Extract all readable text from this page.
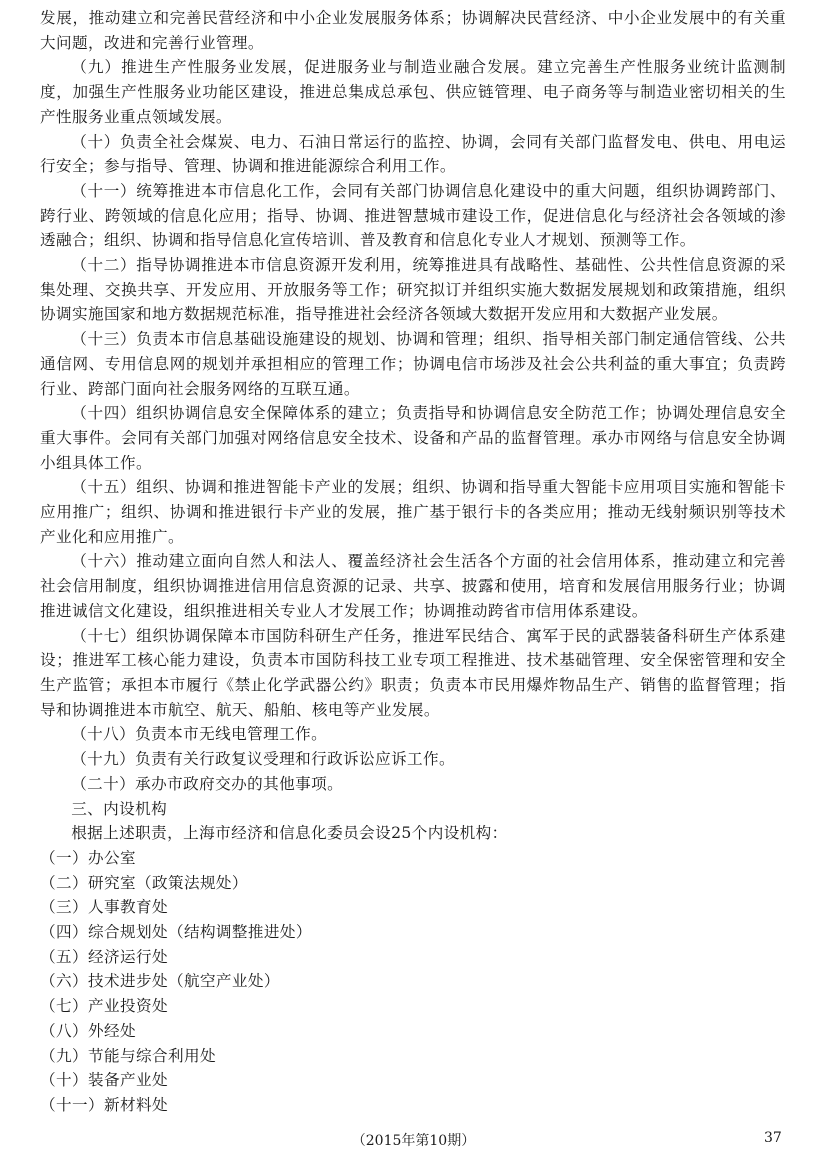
发展，推动建立和完善民营经济和中小企业发展服务体系；协调解决民营经济、中小企业发展中的有关重大问题，改进和完善行业管理。

（九）推进生产性服务业发展，促进服务业与制造业融合发展。建立完善生产性服务业统计监测制度，加强生产性服务业功能区建设，推进总集成总承包、供应链管理、电子商务等与制造业密切相关的生产性服务业重点领域发展。

（十）负责全社会煤炭、电力、石油日常运行的监控、协调，会同有关部门监督发电、供电、用电运行安全；参与指导、管理、协调和推进能源综合利用工作。

（十一）统筹推进本市信息化工作，会同有关部门协调信息化建设中的重大问题，组织协调跨部门、跨行业、跨领域的信息化应用；指导、协调、推进智慧城市建设工作，促进信息化与经济社会各领域的渗透融合；组织、协调和指导信息化宣传培训、普及教育和信息化专业人才规划、预测等工作。

（十二）指导协调推进本市信息资源开发利用，统筹推进具有战略性、基础性、公共性信息资源的采集处理、交换共享、开发应用、开放服务等工作；研究拟订并组织实施大数据发展规划和政策措施，组织协调实施国家和地方数据规范标准，指导推进社会经济各领域大数据开发应用和大数据产业发展。

（十三）负责本市信息基础设施建设的规划、协调和管理；组织、指导相关部门制定通信管线、公共通信网、专用信息网的规划并承担相应的管理工作；协调电信市场涉及社会公共利益的重大事宜；负责跨行业、跨部门面向社会服务网络的互联互通。

（十四）组织协调信息安全保障体系的建立；负责指导和协调信息安全防范工作；协调处理信息安全重大事件。会同有关部门加强对网络信息安全技术、设备和产品的监督管理。承办市网络与信息安全协调小组具体工作。

（十五）组织、协调和推进智能卡产业的发展；组织、协调和指导重大智能卡应用项目实施和智能卡应用推广；组织、协调和推进银行卡产业的发展，推广基于银行卡的各类应用；推动无线射频识别等技术产业化和应用推广。

（十六）推动建立面向自然人和法人、覆盖经济社会生活各个方面的社会信用体系，推动建立和完善社会信用制度，组织协调推进信用信息资源的记录、共享、披露和使用，培育和发展信用服务行业；协调推进诚信文化建设，组织推进相关专业人才发展工作；协调推动跨省市信用体系建设。

（十七）组织协调保障本市国防科研生产任务，推进军民结合、寓军于民的武器装备科研生产体系建设；推进军工核心能力建设，负责本市国防科技工业专项工程推进、技术基础管理、安全保密管理和安全生产监管；承担本市履行《禁止化学武器公约》职责；负责本市民用爆炸物品生产、销售的监督管理；指导和协调推进本市航空、航天、船舶、核电等产业发展。

（十八）负责本市无线电管理工作。

（十九）负责有关行政复议受理和行政诉讼应诉工作。

（二十）承办市政府交办的其他事项。

三、内设机构

根据上述职责，上海市经济和信息化委员会设25个内设机构：

（一）办公室

（二）研究室（政策法规处）

（三）人事教育处

（四）综合规划处（结构调整推进处）

（五）经济运行处

（六）技术进步处（航空产业处）

（七）产业投资处

（八）外经处

（九）节能与综合利用处

（十）装备产业处

（十一）新材料处

（2015年第10期）	37
